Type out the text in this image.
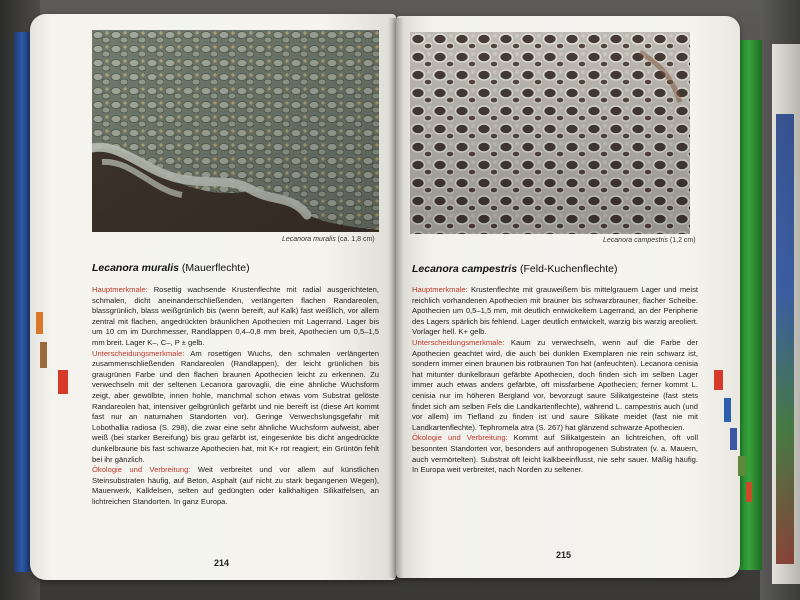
Lecanora muralis (ca. 1,8 cm)	Lecanora campestris (1,2 cm)
Lecanora muralis (Mauerflechte)
Hauptmerkmale: Rosettig wachsende Krustenflechte mit radial ausgerichteten, schmalen, dicht aneinanderschließenden, verlängerten flachen Randareolen, blassgrünlich, blass weißgrünlich bis (wenn bereift, auf Kalk) fast weißlich, vor allem zentral mit flachen, angedrückten bräunlichen Apothecien mit Lagerrand. Lager bis um 10 cm im Durchmesser, Randlappen 0,4–0,8 mm breit, Apothecien um 0,5–1,5 mm breit. Lager K–, C–, P ± gelb.
Unterscheidungsmerkmale: Am rosettigen Wuchs, den schmalen verlängerten zusammenschließenden Randareolen (Randlappen), der leicht grünlichen bis graugrünen Farbe und den flachen braunen Apothecien leicht zu erkennen. Zu verwechseln mit der seltenen Lecanora garovaglii, die eine ähnliche Wuchsform zeigt, aber gewölbte, innen hohle, manchmal schon etwas vom Substrat gelöste Randareolen hat, intensiver gelbgrünlich gefärbt und nie bereift ist (diese Art kommt fast nur an naturnahen Standorten vor). Geringe Verwechslungsgefahr mit Lobothallia radiosa (S. 298), die zwar eine sehr ähnliche Wuchsform aufweist, aber weiß (bei starker Bereifung) bis grau gefärbt ist, eingesenkte bis dicht angedrückte dunkelbraune bis fast schwarze Apothecien hat, mit K+ rot reagiert; ein Grüntön fehlt bei ihr gänzlich.
Ökologie und Verbreitung: Weit verbreitet und vor allem auf künstlichen Steinsubstraten häufig, auf Beton, Asphalt (auf nicht zu stark begangenen Wegen), Mauerwerk, Kalkfelsen, selten auf gedüngten oder kalkhaltigen Silikatfelsen, an lichtreichen Standorten. In ganz Europa.
214
Lecanora campestris (Feld-Kuchenflechte)
Hauptmerkmale: Krustenflechte mit grauweißem bis mittelgrauem Lager und meist reichlich vorhandenen Apothecien mit brauner bis schwarzbrauner, flacher Scheibe. Apothecien um 0,5–1,5 mm, mit deutlich entwickeltem Lagerrand, an der Peripherie des Lagers spärlich bis fehlend. Lager deutlich entwickelt, warzig bis warzig areoliert. Vorlager hell. K+ gelb.
Unterscheidungsmerkmale: Kaum zu verwechseln, wenn auf die Farbe der Apothecien geachtet wird, die auch bei dunklen Exemplaren nie rein schwarz ist, sondern immer einen braunen bis rotbraunen Ton hat (anfeuchten). Lecanora cenisia hat mitunter dunkelbraun gefärbte Apothecien, doch finden sich im selben Lager immer auch etwas anders gefärbte, oft missfarbene Apothecien; ferner kommt L. cenisia nur im höheren Bergland vor, bevorzugt saure Silikatgesteine (fast stets findet sich am selben Fels die Landkartenflechte), während L. campestris auch (und vor allem) im Tiefland zu finden ist und saure Silikate meidet (fast nie mit Landkartenflechte). Tephromela atra (S. 267) hat glänzend schwarze Apothecien.
Ökologie und Verbreitung: Kommt auf Silikatgestein an lichtreichen, oft voll besonnten Standorten vor, besonders auf anthropogenen Substraten (v. a. Mauern, auch vermörtelten). Substrat oft leicht kalkbeeinflusst, nie sehr sauer. Mäßig häufig. In Europa weit verbreitet, nach Norden zu seltener.
215
